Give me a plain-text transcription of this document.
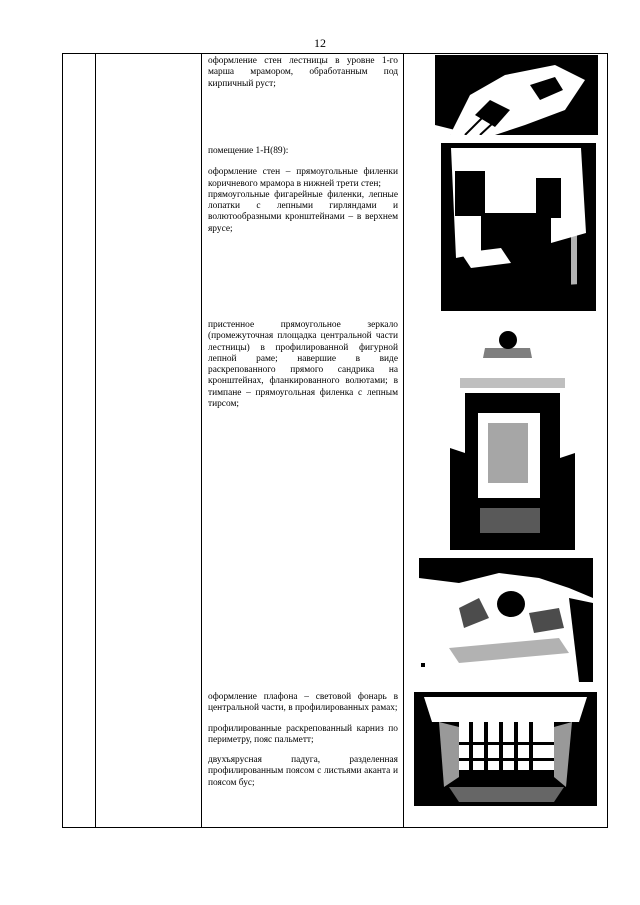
12

оформление стен лестницы в уровне 1-го марша мрамором, обработанным под кирпичный руст;

помещение 1-Н(89):

оформление стен – прямоугольные филенки коричневого мрамора в нижней трети стен;

прямоугольные фигарейные филенки, лепные лопатки с лепными гирляндами и волютообразными кронштейнами – в верхнем ярусе;

пристенное прямоугольное зеркало (промежуточная площадка центральной части лестницы) в профилированной фигурной лепной раме; навершие в виде раскрепованного прямого сандрика на кронштейнах, фланкированного волютами; в тимпане – прямоугольная филенка с лепным тирсом;

оформление плафона – световой фонарь в центральной части, в профилированных рамах;

профилированные раскрепованный карниз по периметру, пояс пальметт;

двухъярусная падуга, разделенная профилированным поясом с листьями аканта и поясом бус;
